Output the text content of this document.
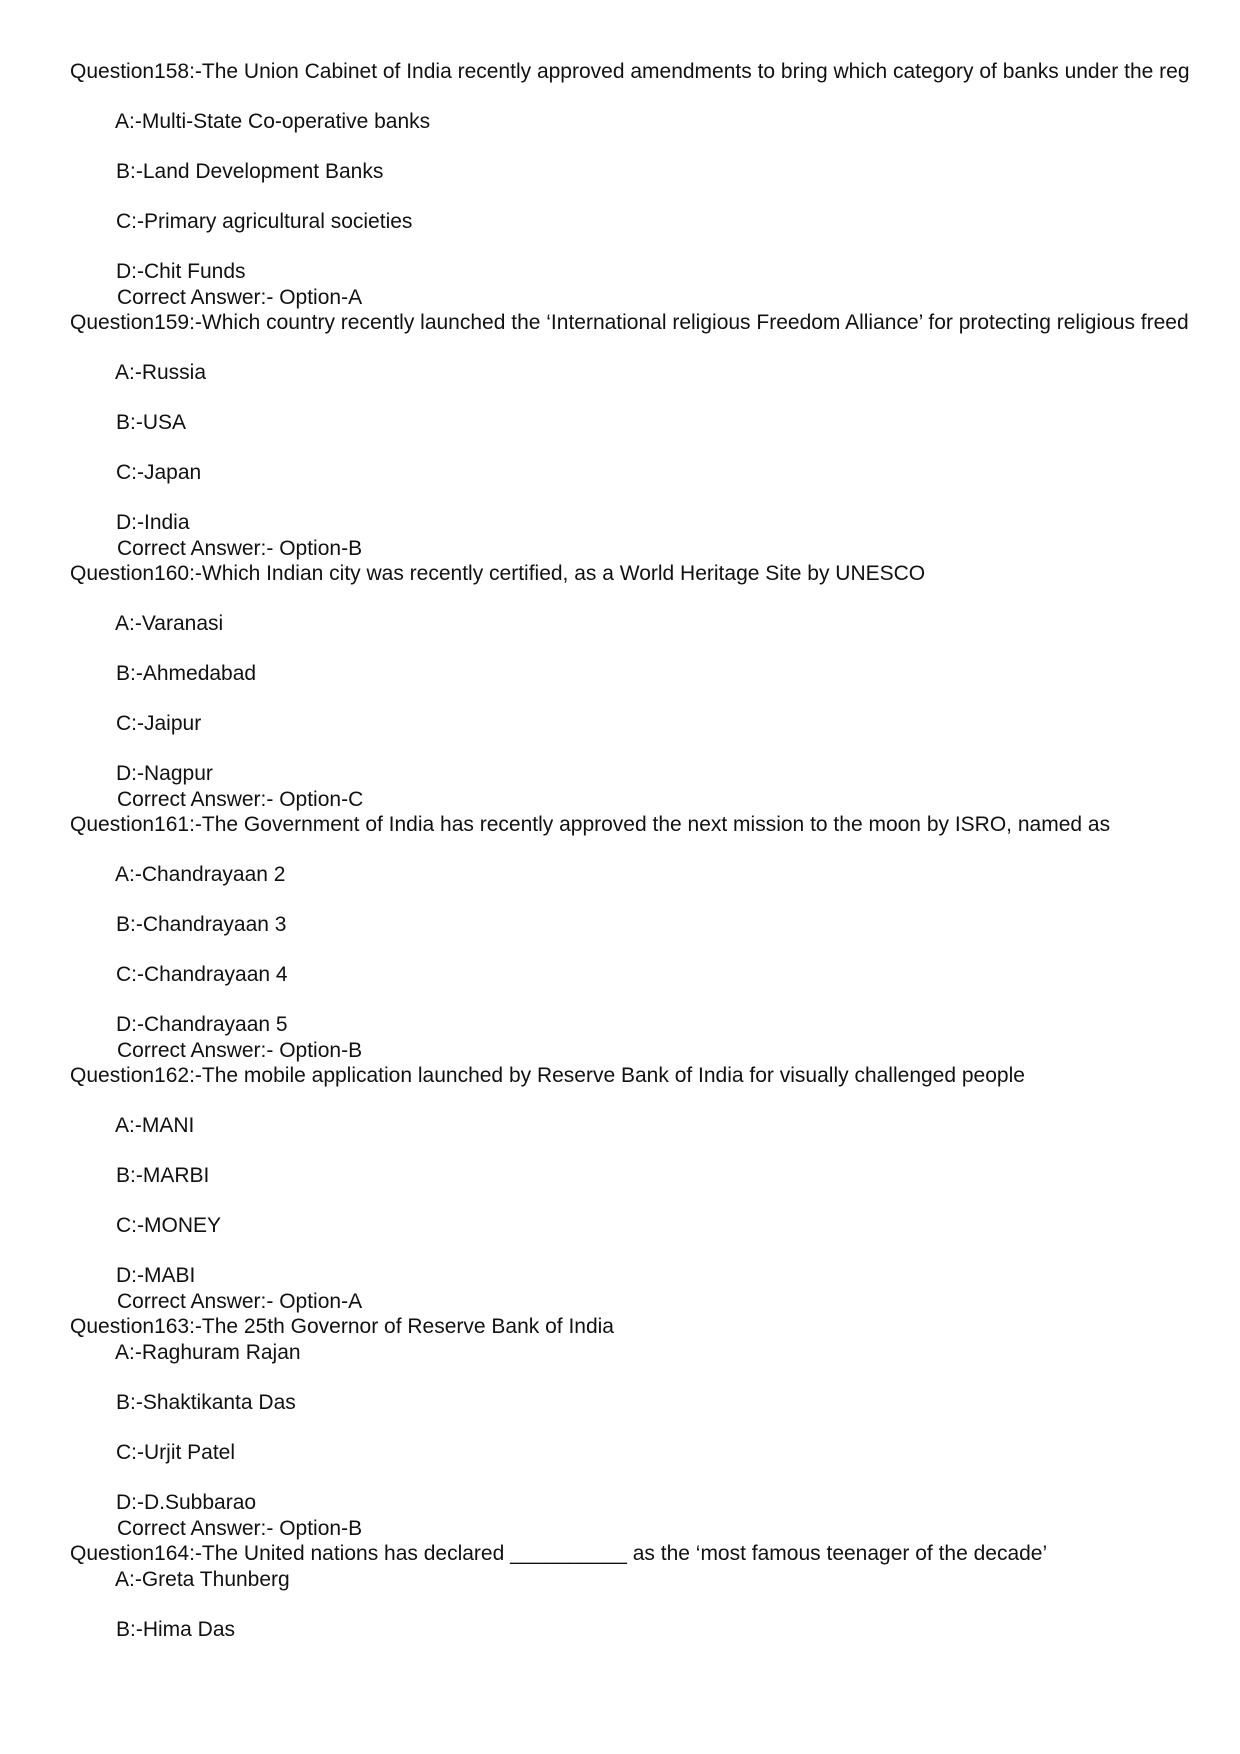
Question158:-The Union Cabinet of India recently approved amendments to bring which category of banks under the reg
A:-Multi-State Co-operative banks
B:-Land Development Banks
C:-Primary agricultural societies
D:-Chit Funds
Correct Answer:- Option-A
Question159:-Which country recently launched the ‘International religious Freedom Alliance’ for protecting religious freed
A:-Russia
B:-USA
C:-Japan
D:-India
Correct Answer:- Option-B
Question160:-Which Indian city was recently certified, as a World Heritage Site by UNESCO
A:-Varanasi
B:-Ahmedabad
C:-Jaipur
D:-Nagpur
Correct Answer:- Option-C
Question161:-The Government of India has recently approved the next mission to the moon by ISRO, named as
A:-Chandrayaan 2
B:-Chandrayaan 3
C:-Chandrayaan 4
D:-Chandrayaan 5
Correct Answer:- Option-B
Question162:-The mobile application launched by Reserve Bank of India for visually challenged people
A:-MANI
B:-MARBI
C:-MONEY
D:-MABI
Correct Answer:- Option-A
Question163:-The 25th Governor of Reserve Bank of India
A:-Raghuram Rajan
B:-Shaktikanta Das
C:-Urjit Patel
D:-D.Subbarao
Correct Answer:- Option-B
Question164:-The United nations has declared __________ as the ‘most famous teenager of the decade’
A:-Greta Thunberg
B:-Hima Das
